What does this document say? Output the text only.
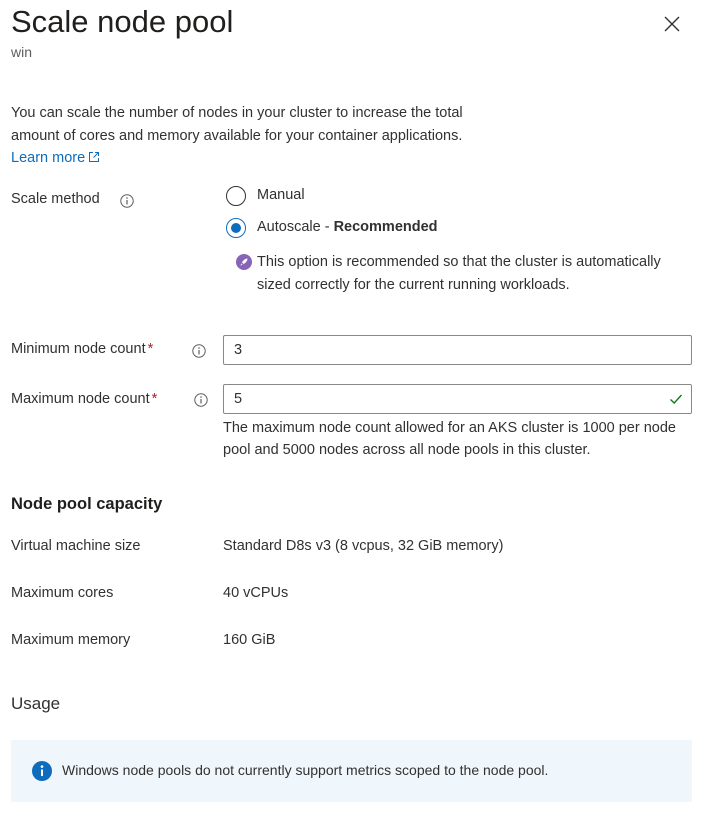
Scale node pool
win
You can scale the number of nodes in your cluster to increase the total amount of cores and memory available for your container applications. Learn more
Scale method	Manual
Autoscale - Recommended
This option is recommended so that the cluster is automatically sized correctly for the current running workloads.
Minimum node count *
3
Maximum node count *
5
The maximum node count allowed for an AKS cluster is 1000 per node pool and 5000 nodes across all node pools in this cluster.
Node pool capacity
Virtual machine size	Standard D8s v3 (8 vcpus, 32 GiB memory)
Maximum cores	40 vCPUs
Maximum memory	160 GiB
Usage
Windows node pools do not currently support metrics scoped to the node pool.
